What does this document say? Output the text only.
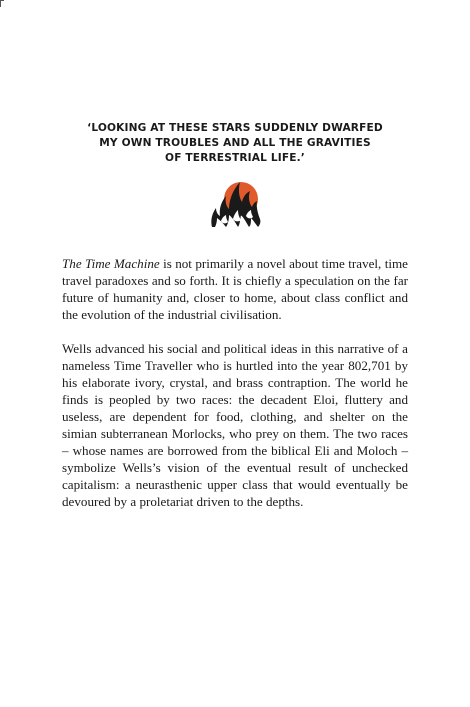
‘LOOKING AT THESE STARS SUDDENLY DWARFED
MY OWN TROUBLES AND ALL THE GRAVITIES
OF TERRESTRIAL LIFE.’

The Time Machine is not primarily a novel about time travel, time travel paradoxes and so forth. It is chiefly a speculation on the far future of humanity and, closer to home, about class conflict and the evolution of the industrial civilisation.

Wells advanced his social and political ideas in this narrative of a nameless Time Traveller who is hurtled into the year 802,701 by his elaborate ivory, crystal, and brass contraption. The world he finds is peopled by two races: the decadent Eloi, fluttery and useless, are dependent for food, clothing, and shelter on the simian subterranean Morlocks, who prey on them. The two races – whose names are borrowed from the biblical Eli and Moloch – symbolize Wells’s vision of the eventual result of unchecked capitalism: a neurasthenic upper class that would eventually be devoured by a proletariat driven to the depths.
